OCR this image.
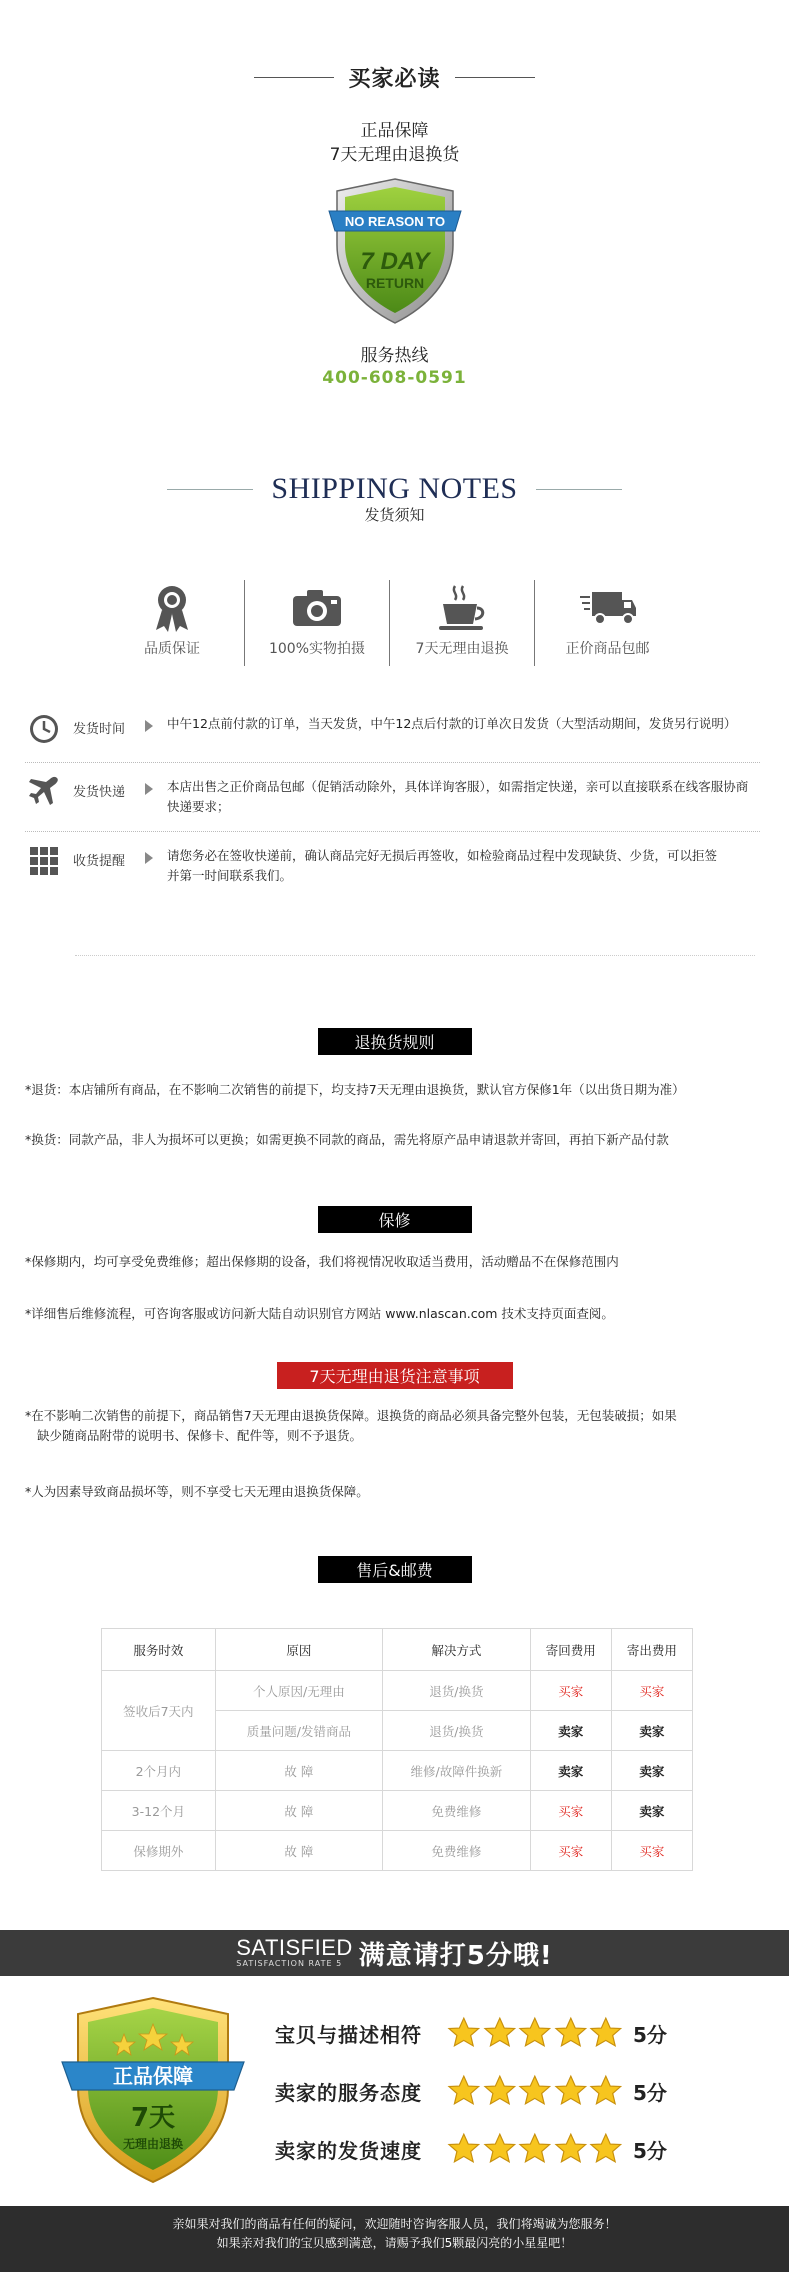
买家必读
正品保障
7天无理由退换货
NO REASON TO
7 DAY
RETURN
服务热线
400-608-0591
SHIPPING NOTES
发货须知
品质保证	100%实物拍摄	7天无理由退换	正价商品包邮
发货时间	中午12点前付款的订单，当天发货，中午12点后付款的订单次日发货（大型活动期间，发货另行说明）
发货快递	本店出售之正价商品包邮（促销活动除外，具体详询客服），如需指定快递，亲可以直接联系在线客服协商快递要求；
收货提醒	请您务必在签收快递前，确认商品完好无损后再签收，如检验商品过程中发现缺货、少货，可以拒签并第一时间联系我们。
退换货规则
*退货：本店铺所有商品，在不影响二次销售的前提下，均支持7天无理由退换货，默认官方保修1年（以出货日期为准）
*换货：同款产品，非人为损坏可以更换；如需更换不同款的商品，需先将原产品申请退款并寄回，再拍下新产品付款
保修
*保修期内，均可享受免费维修；超出保修期的设备，我们将视情况收取适当费用，活动赠品不在保修范围内
*详细售后维修流程，可咨询客服或访问新大陆自动识别官方网站 www.nlascan.com 技术支持页面查阅。
7天无理由退货注意事项
*在不影响二次销售的前提下，商品销售7天无理由退换货保障。退换货的商品必须具备完整外包装，无包装破损；如果
缺少随商品附带的说明书、保修卡、配件等，则不予退货。
*人为因素导致商品损坏等，则不享受七天无理由退换货保障。
售后&邮费
服务时效	原因	解决方式	寄回费用	寄出费用
签收后7天内	个人原因/无理由	退货/换货	买家	买家
	质量问题/发错商品	退货/换货	卖家	卖家
2个月内	故 障	维修/故障件换新	卖家	卖家
3-12个月	故 障	免费维修	买家	卖家
保修期外	故 障	免费维修	买家	买家
SATISFIED
SATISFACTION RATE 5 满意请打5分哦!
正品保障
7天
无理由退换
宝贝与描述相符	5分
卖家的服务态度	5分
卖家的发货速度	5分
亲如果对我们的商品有任何的疑问，欢迎随时咨询客服人员，我们将竭诚为您服务！
如果亲对我们的宝贝感到满意，请赐予我们5颗最闪亮的小星星吧！
